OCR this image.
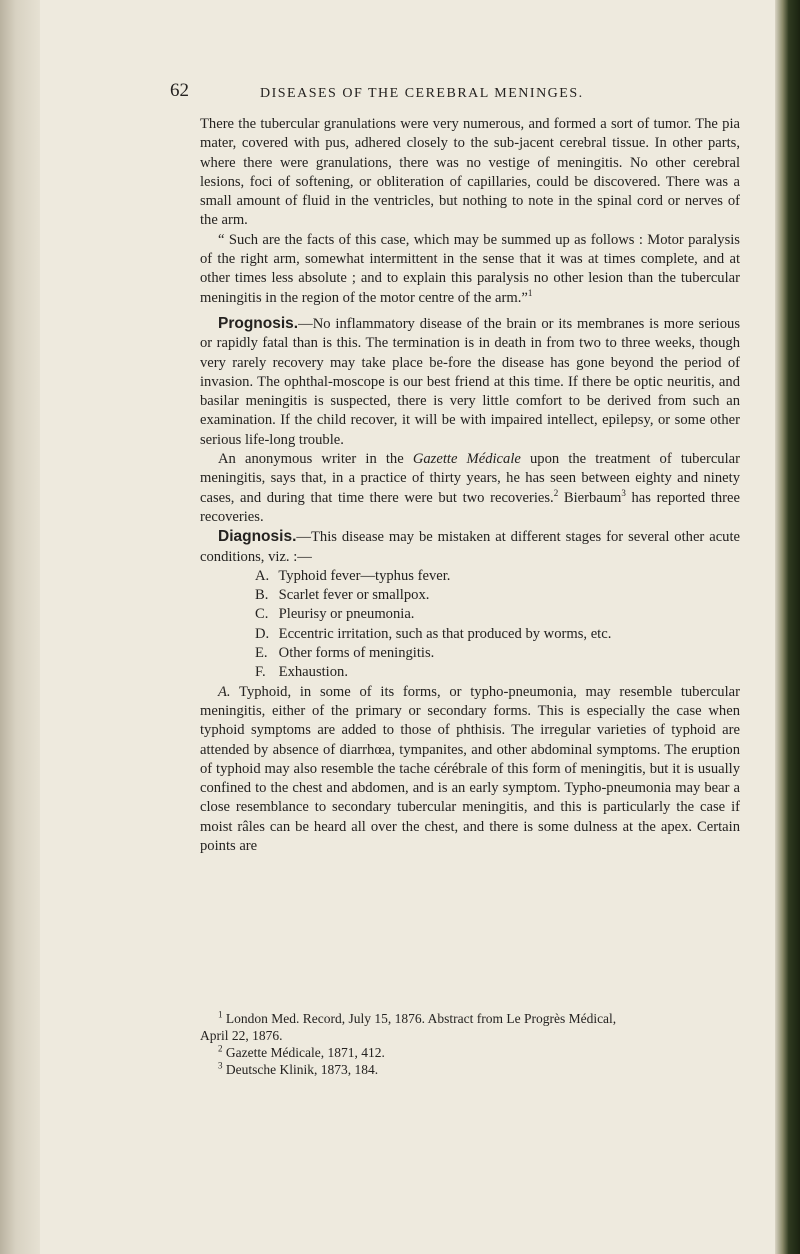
62	DISEASES OF THE CEREBRAL MENINGES.

There the tubercular granulations were very numerous, and formed a sort of tumor. The pia mater, covered with pus, adhered closely to the sub-jacent cerebral tissue. In other parts, where there were granulations, there was no vestige of meningitis. No other cerebral lesions, foci of softening, or obliteration of capillaries, could be discovered. There was a small amount of fluid in the ventricles, but nothing to note in the spinal cord or nerves of the arm.

“ Such are the facts of this case, which may be summed up as follows : Motor paralysis of the right arm, somewhat intermittent in the sense that it was at times complete, and at other times less absolute ; and to explain this paralysis no other lesion than the tubercular meningitis in the region of the motor centre of the arm.”$^1$

Prognosis.—No inflammatory disease of the brain or its membranes is more serious or rapidly fatal than is this. The termination is in death in from two to three weeks, though very rarely recovery may take place be-fore the disease has gone beyond the period of invasion. The ophthal-moscope is our best friend at this time. If there be optic neuritis, and basilar meningitis is suspected, there is very little comfort to be derived from such an examination. If the child recover, it will be with impaired intellect, epilepsy, or some other serious life-long trouble.

An anonymous writer in the Gazette Médicale upon the treatment of tubercular meningitis, says that, in a practice of thirty years, he has seen between eighty and ninety cases, and during that time there were but two recoveries.$^2$ Bierbaum$^3$ has reported three recoveries.

Diagnosis.—This disease may be mistaken at different stages for several other acute conditions, viz. :—

A. Typhoid fever—typhus fever.
B. Scarlet fever or smallpox.
C. Pleurisy or pneumonia.
D. Eccentric irritation, such as that produced by worms, etc.
E. Other forms of meningitis.
F. Exhaustion.

A. Typhoid, in some of its forms, or typho-pneumonia, may resemble tubercular meningitis, either of the primary or secondary forms. This is especially the case when typhoid symptoms are added to those of phthisis. The irregular varieties of typhoid are attended by absence of diarrhœa, tympanites, and other abdominal symptoms. The eruption of typhoid may also resemble the tache cérébrale of this form of meningitis, but it is usually confined to the chest and abdomen, and is an early symptom. Typho-pneumonia may bear a close resemblance to secondary tubercular meningitis, and this is particularly the case if moist râles can be heard all over the chest, and there is some dulness at the apex. Certain points are

$^1$ London Med. Record, July 15, 1876. Abstract from Le Progrès Médical,

April 22, 1876.

$^2$ Gazette Médicale, 1871, 412.

$^3$ Deutsche Klinik, 1873, 184.
